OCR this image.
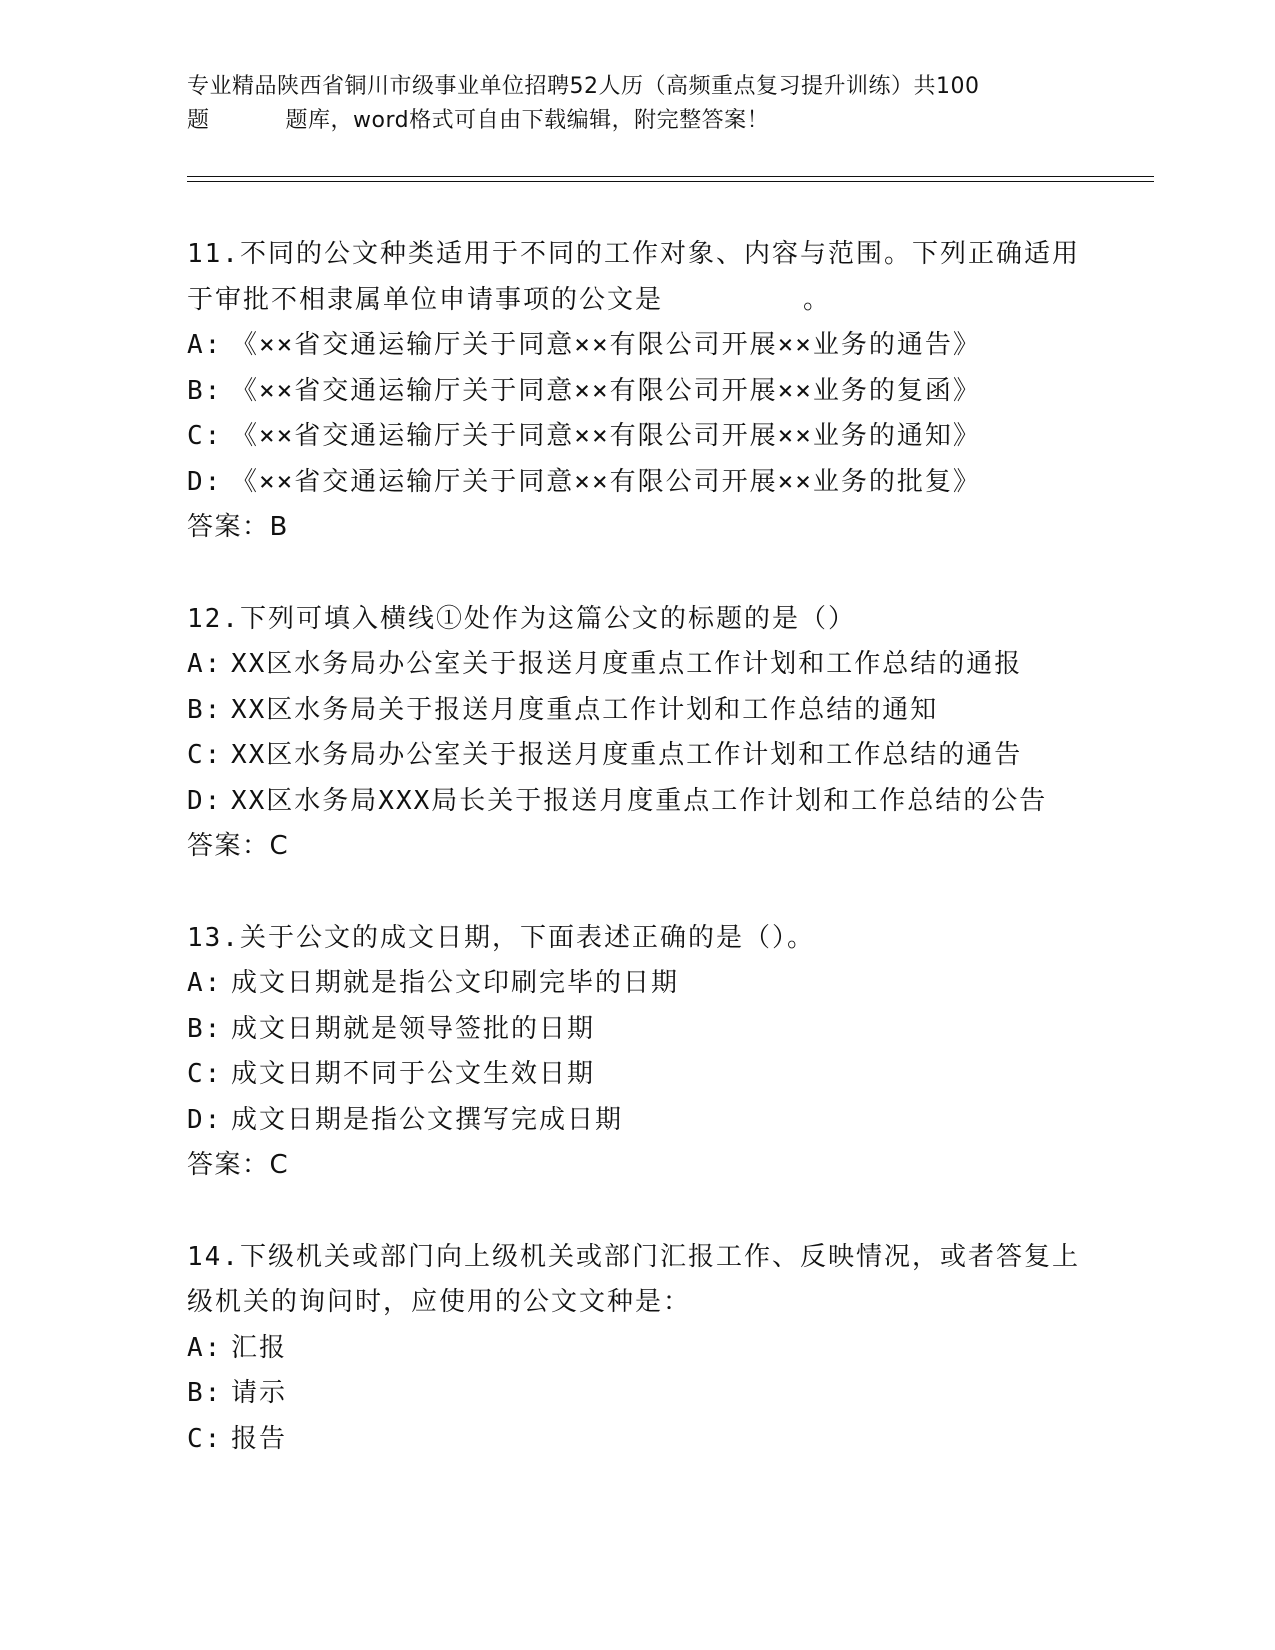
专业精品陕西省铜川市级事业单位招聘52人历（高频重点复习提升训练）共100
题	题库，word格式可自由下载编辑，附完整答案！

11.不同的公文种类适用于不同的工作对象、内容与范围。下列正确适用于审批不相隶属单位申请事项的公文是　　　　　。

A: 《××省交通运输厅关于同意××有限公司开展××业务的通告》
B: 《××省交通运输厅关于同意××有限公司开展××业务的复函》
C: 《××省交通运输厅关于同意××有限公司开展××业务的通知》
D: 《××省交通运输厅关于同意××有限公司开展××业务的批复》
答案：B

12.下列可填入横线①处作为这篇公文的标题的是（）

A: XX区水务局办公室关于报送月度重点工作计划和工作总结的通报
B: XX区水务局关于报送月度重点工作计划和工作总结的通知
C: XX区水务局办公室关于报送月度重点工作计划和工作总结的通告
D: XX区水务局XXX局长关于报送月度重点工作计划和工作总结的公告
答案：C

13.关于公文的成文日期，下面表述正确的是（）。

A: 成文日期就是指公文印刷完毕的日期
B: 成文日期就是领导签批的日期
C: 成文日期不同于公文生效日期
D: 成文日期是指公文撰写完成日期
答案：C

14.下级机关或部门向上级机关或部门汇报工作、反映情况，或者答复上级机关的询问时，应使用的公文文种是：

A: 汇报
B: 请示
C: 报告
